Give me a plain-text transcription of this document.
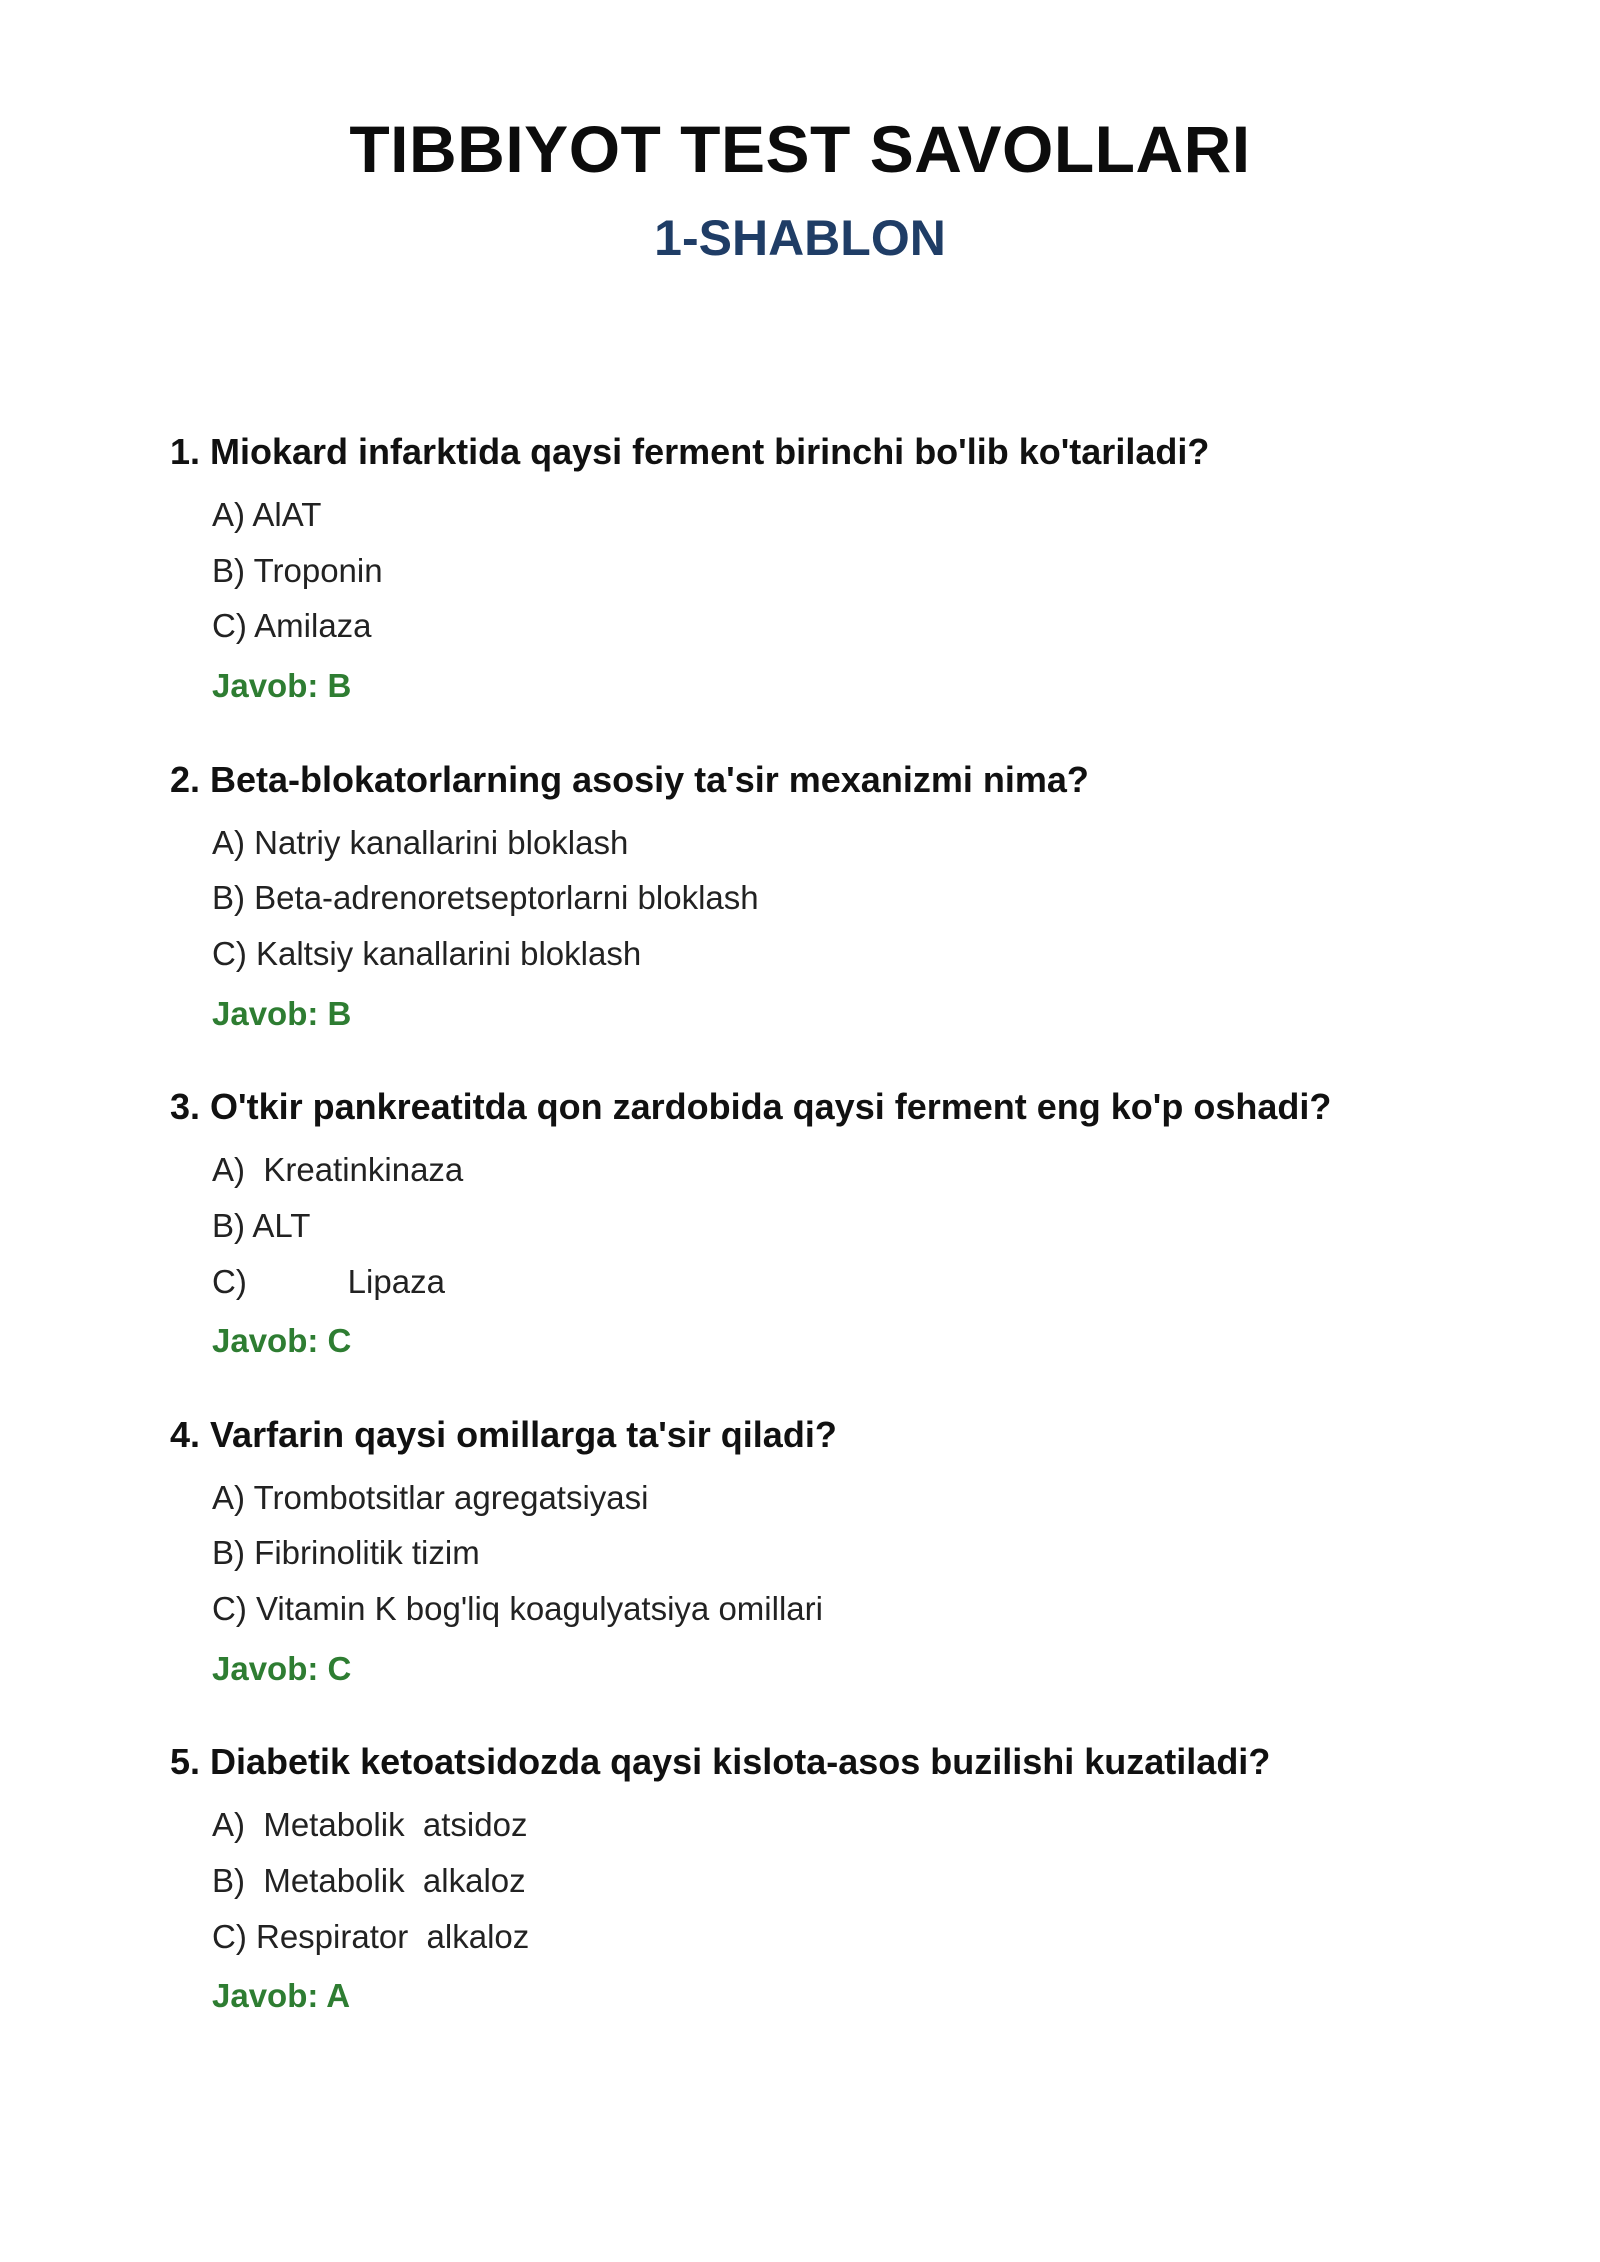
TIBBIYOT TEST SAVOLLARI
1-SHABLON

1. Miokard infarktida qaysi ferment birinchi bo'lib ko'tariladi?

A) AlAT
B) Troponin
C) Amilaza

Javob: B

2. Beta-blokatorlarning asosiy ta'sir mexanizmi nima?

A) Natriy kanallarini bloklash
B) Beta-adrenoretseptorlarni bloklash
C) Kaltsiy kanallarini bloklash

Javob: B

3. O'tkir pankreatitda qon zardobida qaysi ferment eng ko'p oshadi?

A)  Kreatinkinaza
B) ALT
C)           Lipaza

Javob: C

4. Varfarin qaysi omillarga ta'sir qiladi?

A) Trombotsitlar agregatsiyasi
B) Fibrinolitik tizim
C) Vitamin K bog'liq koagulyatsiya omillari

Javob: C

5. Diabetik ketoatsidozda qaysi kislota-asos buzilishi kuzatiladi?

A)  Metabolik  atsidoz
B)  Metabolik  alkaloz
C) Respirator  alkaloz

Javob: A
